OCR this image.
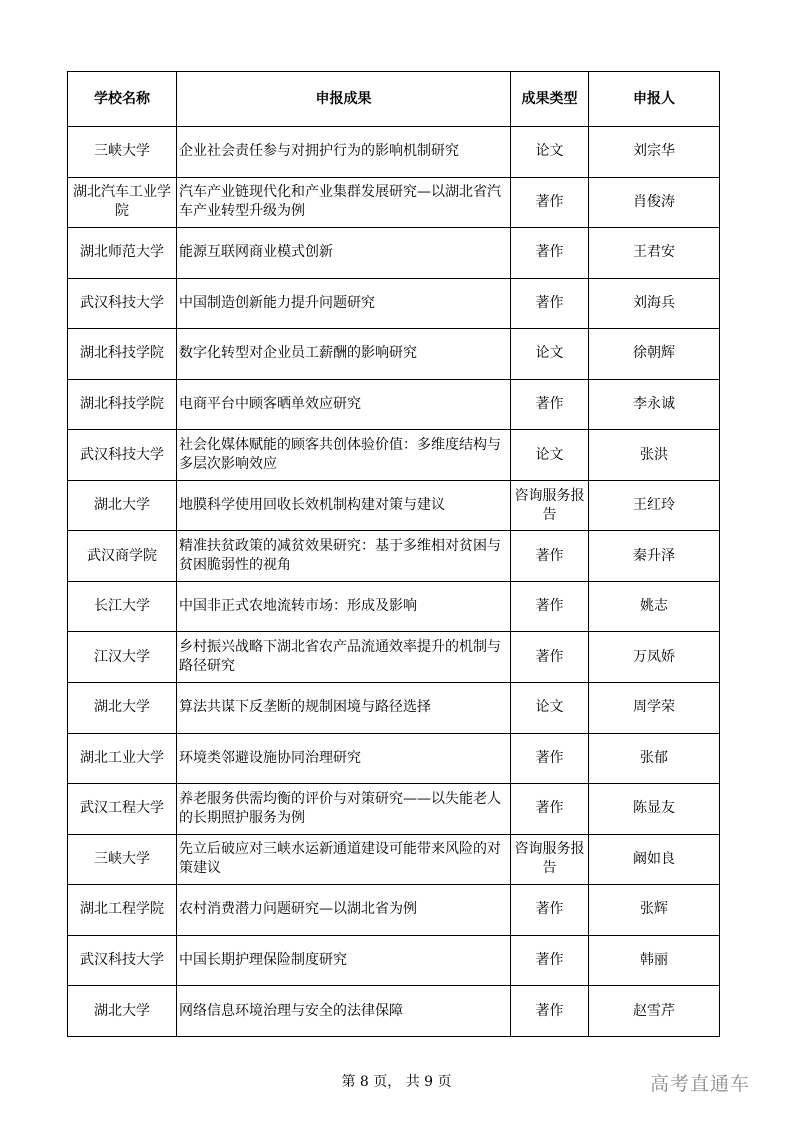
学校名称	申报成果	成果类型	申报人
三峡大学	企业社会责任参与对拥护行为的影响机制研究	论文	刘宗华
湖北汽车工业学院	汽车产业链现代化和产业集群发展研究—以湖北省汽车产业转型升级为例	著作	肖俊涛
湖北师范大学	能源互联网商业模式创新	著作	王君安
武汉科技大学	中国制造创新能力提升问题研究	著作	刘海兵
湖北科技学院	数字化转型对企业员工薪酬的影响研究	论文	徐朝辉
湖北科技学院	电商平台中顾客晒单效应研究	著作	李永诚
武汉科技大学	社会化媒体赋能的顾客共创体验价值：多维度结构与多层次影响效应	论文	张洪
湖北大学	地膜科学使用回收长效机制构建对策与建议	咨询服务报告	王红玲
武汉商学院	精准扶贫政策的减贫效果研究：基于多维相对贫困与贫困脆弱性的视角	著作	秦升泽
长江大学	中国非正式农地流转市场：形成及影响	著作	姚志
江汉大学	乡村振兴战略下湖北省农产品流通效率提升的机制与路径研究	著作	万凤娇
湖北大学	算法共谋下反垄断的规制困境与路径选择	论文	周学荣
湖北工业大学	环境类邻避设施协同治理研究	著作	张郁
武汉工程大学	养老服务供需均衡的评价与对策研究——以失能老人的长期照护服务为例	著作	陈显友
三峡大学	先立后破应对三峡水运新通道建设可能带来风险的对策建议	咨询服务报告	阚如良
湖北工程学院	农村消费潜力问题研究—以湖北省为例	著作	张辉
武汉科技大学	中国长期护理保险制度研究	著作	韩丽
湖北大学	网络信息环境治理与安全的法律保障	著作	赵雪芹
第 8 页， 共 9 页	高考直通车
